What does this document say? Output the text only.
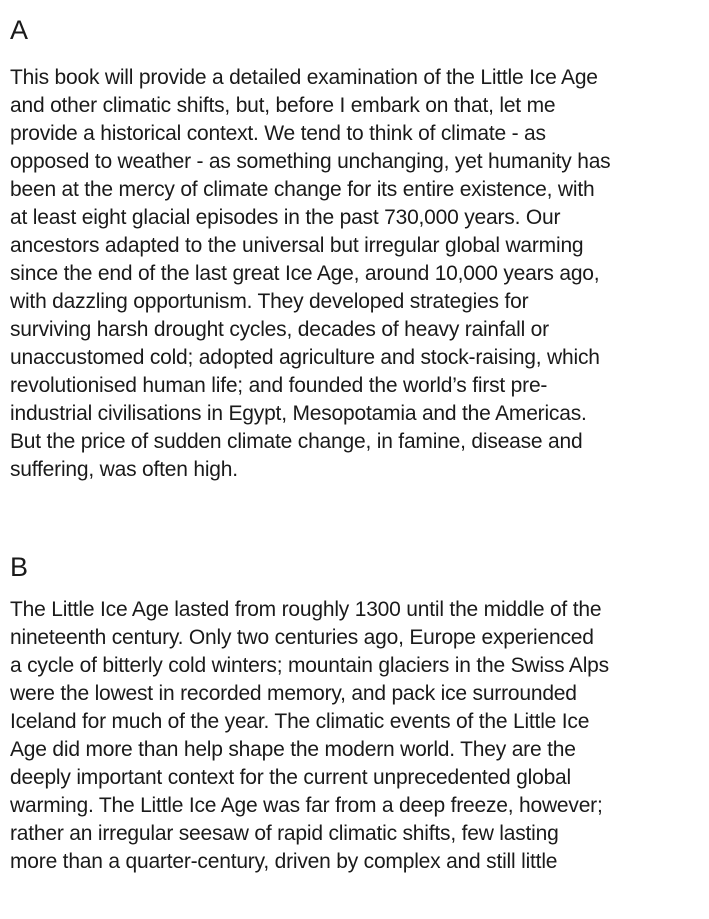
A
This book will provide a detailed examination of the Little Ice Age
and other climatic shifts, but, before I embark on that, let me
provide a historical context. We tend to think of climate - as
opposed to weather - as something unchanging, yet humanity has
been at the mercy of climate change for its entire existence, with
at least eight glacial episodes in the past 730,000 years. Our
ancestors adapted to the universal but irregular global warming
since the end of the last great Ice Age, around 10,000 years ago,
with dazzling opportunism. They developed strategies for
surviving harsh drought cycles, decades of heavy rainfall or
unaccustomed cold; adopted agriculture and stock-raising, which
revolutionised human life; and founded the world’s first pre-
industrial civilisations in Egypt, Mesopotamia and the Americas.
But the price of sudden climate change, in famine, disease and
suffering, was often high.
B
The Little Ice Age lasted from roughly 1300 until the middle of the
nineteenth century. Only two centuries ago, Europe experienced
a cycle of bitterly cold winters; mountain glaciers in the Swiss Alps
were the lowest in recorded memory, and pack ice surrounded
Iceland for much of the year. The climatic events of the Little Ice
Age did more than help shape the modern world. They are the
deeply important context for the current unprecedented global
warming. The Little Ice Age was far from a deep freeze, however;
rather an irregular seesaw of rapid climatic shifts, few lasting
more than a quarter-century, driven by complex and still little
